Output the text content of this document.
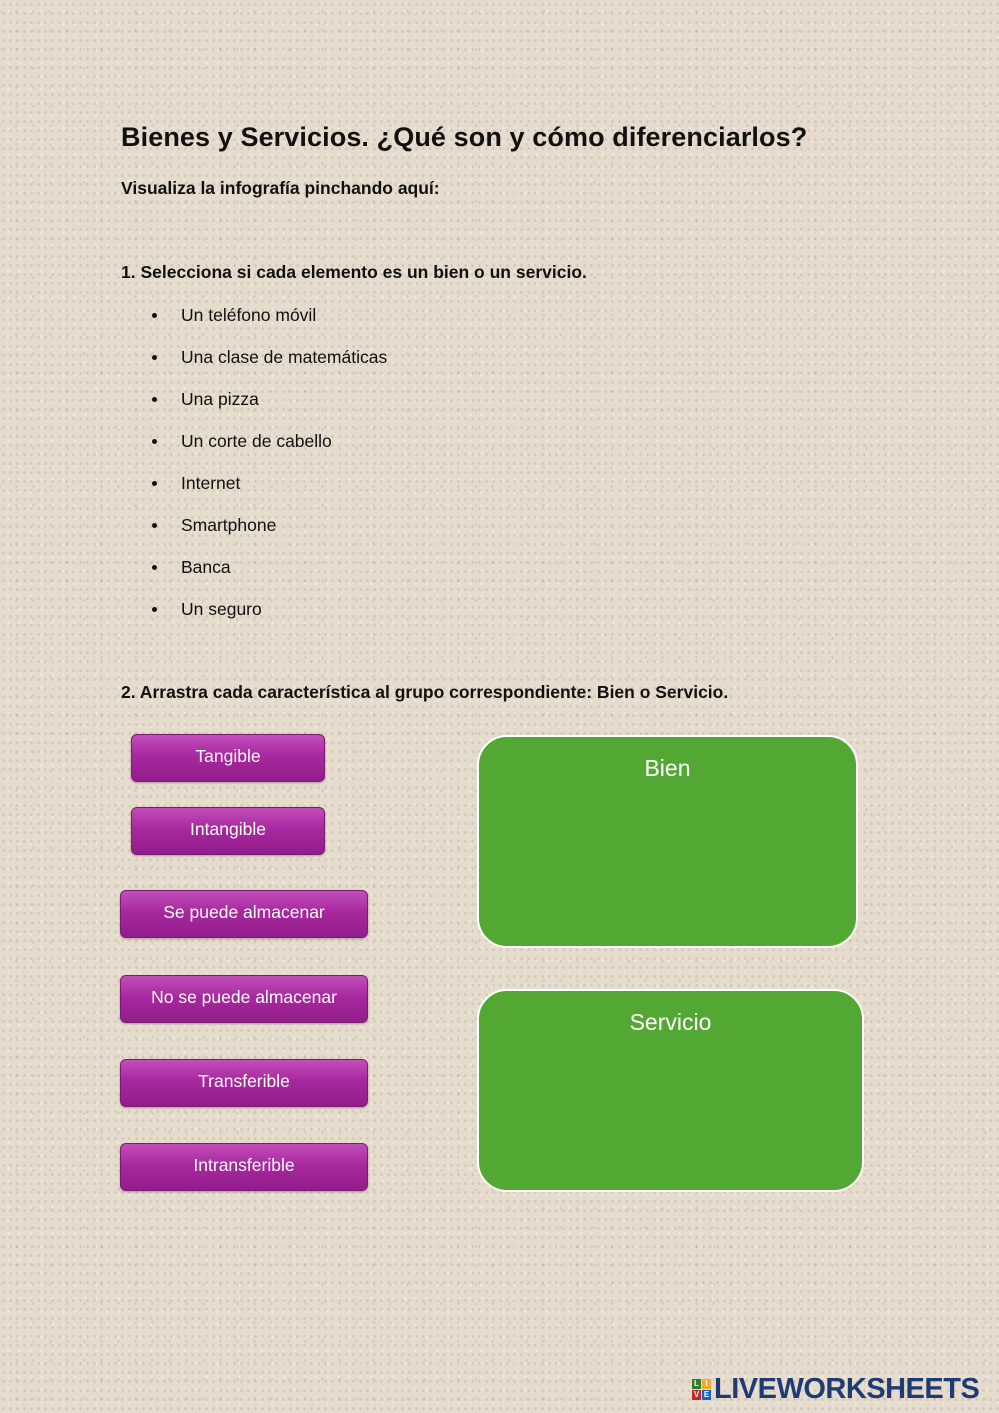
Bienes y Servicios. ¿Qué son y cómo diferenciarlos?
Visualiza la infografía pinchando aquí:
1. Selecciona si cada elemento es un bien o un servicio.
Un teléfono móvil
Una clase de matemáticas
Una pizza
Un corte de cabello
Internet
Smartphone
Banca
Un seguro
2. Arrastra cada característica al grupo correspondiente: Bien o Servicio.
Tangible
Intangible
Se puede almacenar
No se puede almacenar
Transferible
Intransferible
Bien
Servicio
L I
V E LIVEWORKSHEETS
